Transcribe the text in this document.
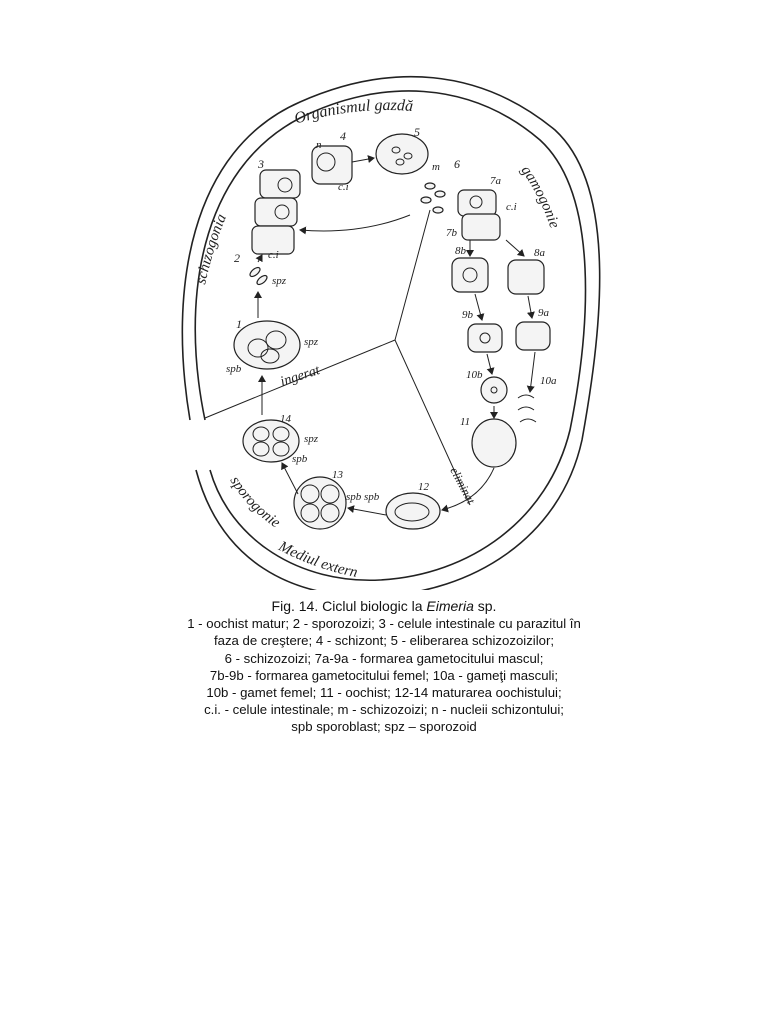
Organismul gazdă
Mediul extern
schizogonia
gamogonie
sporogonie
ingerat
eliminat
1
spz
spb
2
spz
3
c.i
4
n
c.i
5
m 6
7a
7b
c.i
8a
8b
9a
9b
10a
10b
11
12
spb
13
spb
14
spz
spb
Fig. 14. Ciclul biologic la Eimeria sp.
1 - oochist matur; 2 - sporozoizi; 3 - celule intestinale cu parazitul în
faza de creştere; 4 - schizont; 5 - eliberarea schizozoizilor;
6 - schizozoizi; 7a-9a - formarea gametocitului mascul;
7b-9b - formarea gametocitului femel; 10a - gameţi masculi;
10b - gamet femel; 11 - oochist; 12-14 maturarea oochistului;
c.i. - celule intestinale; m - schizozoizi; n - nucleii schizontului;
spb sporoblast; spz – sporozoid
